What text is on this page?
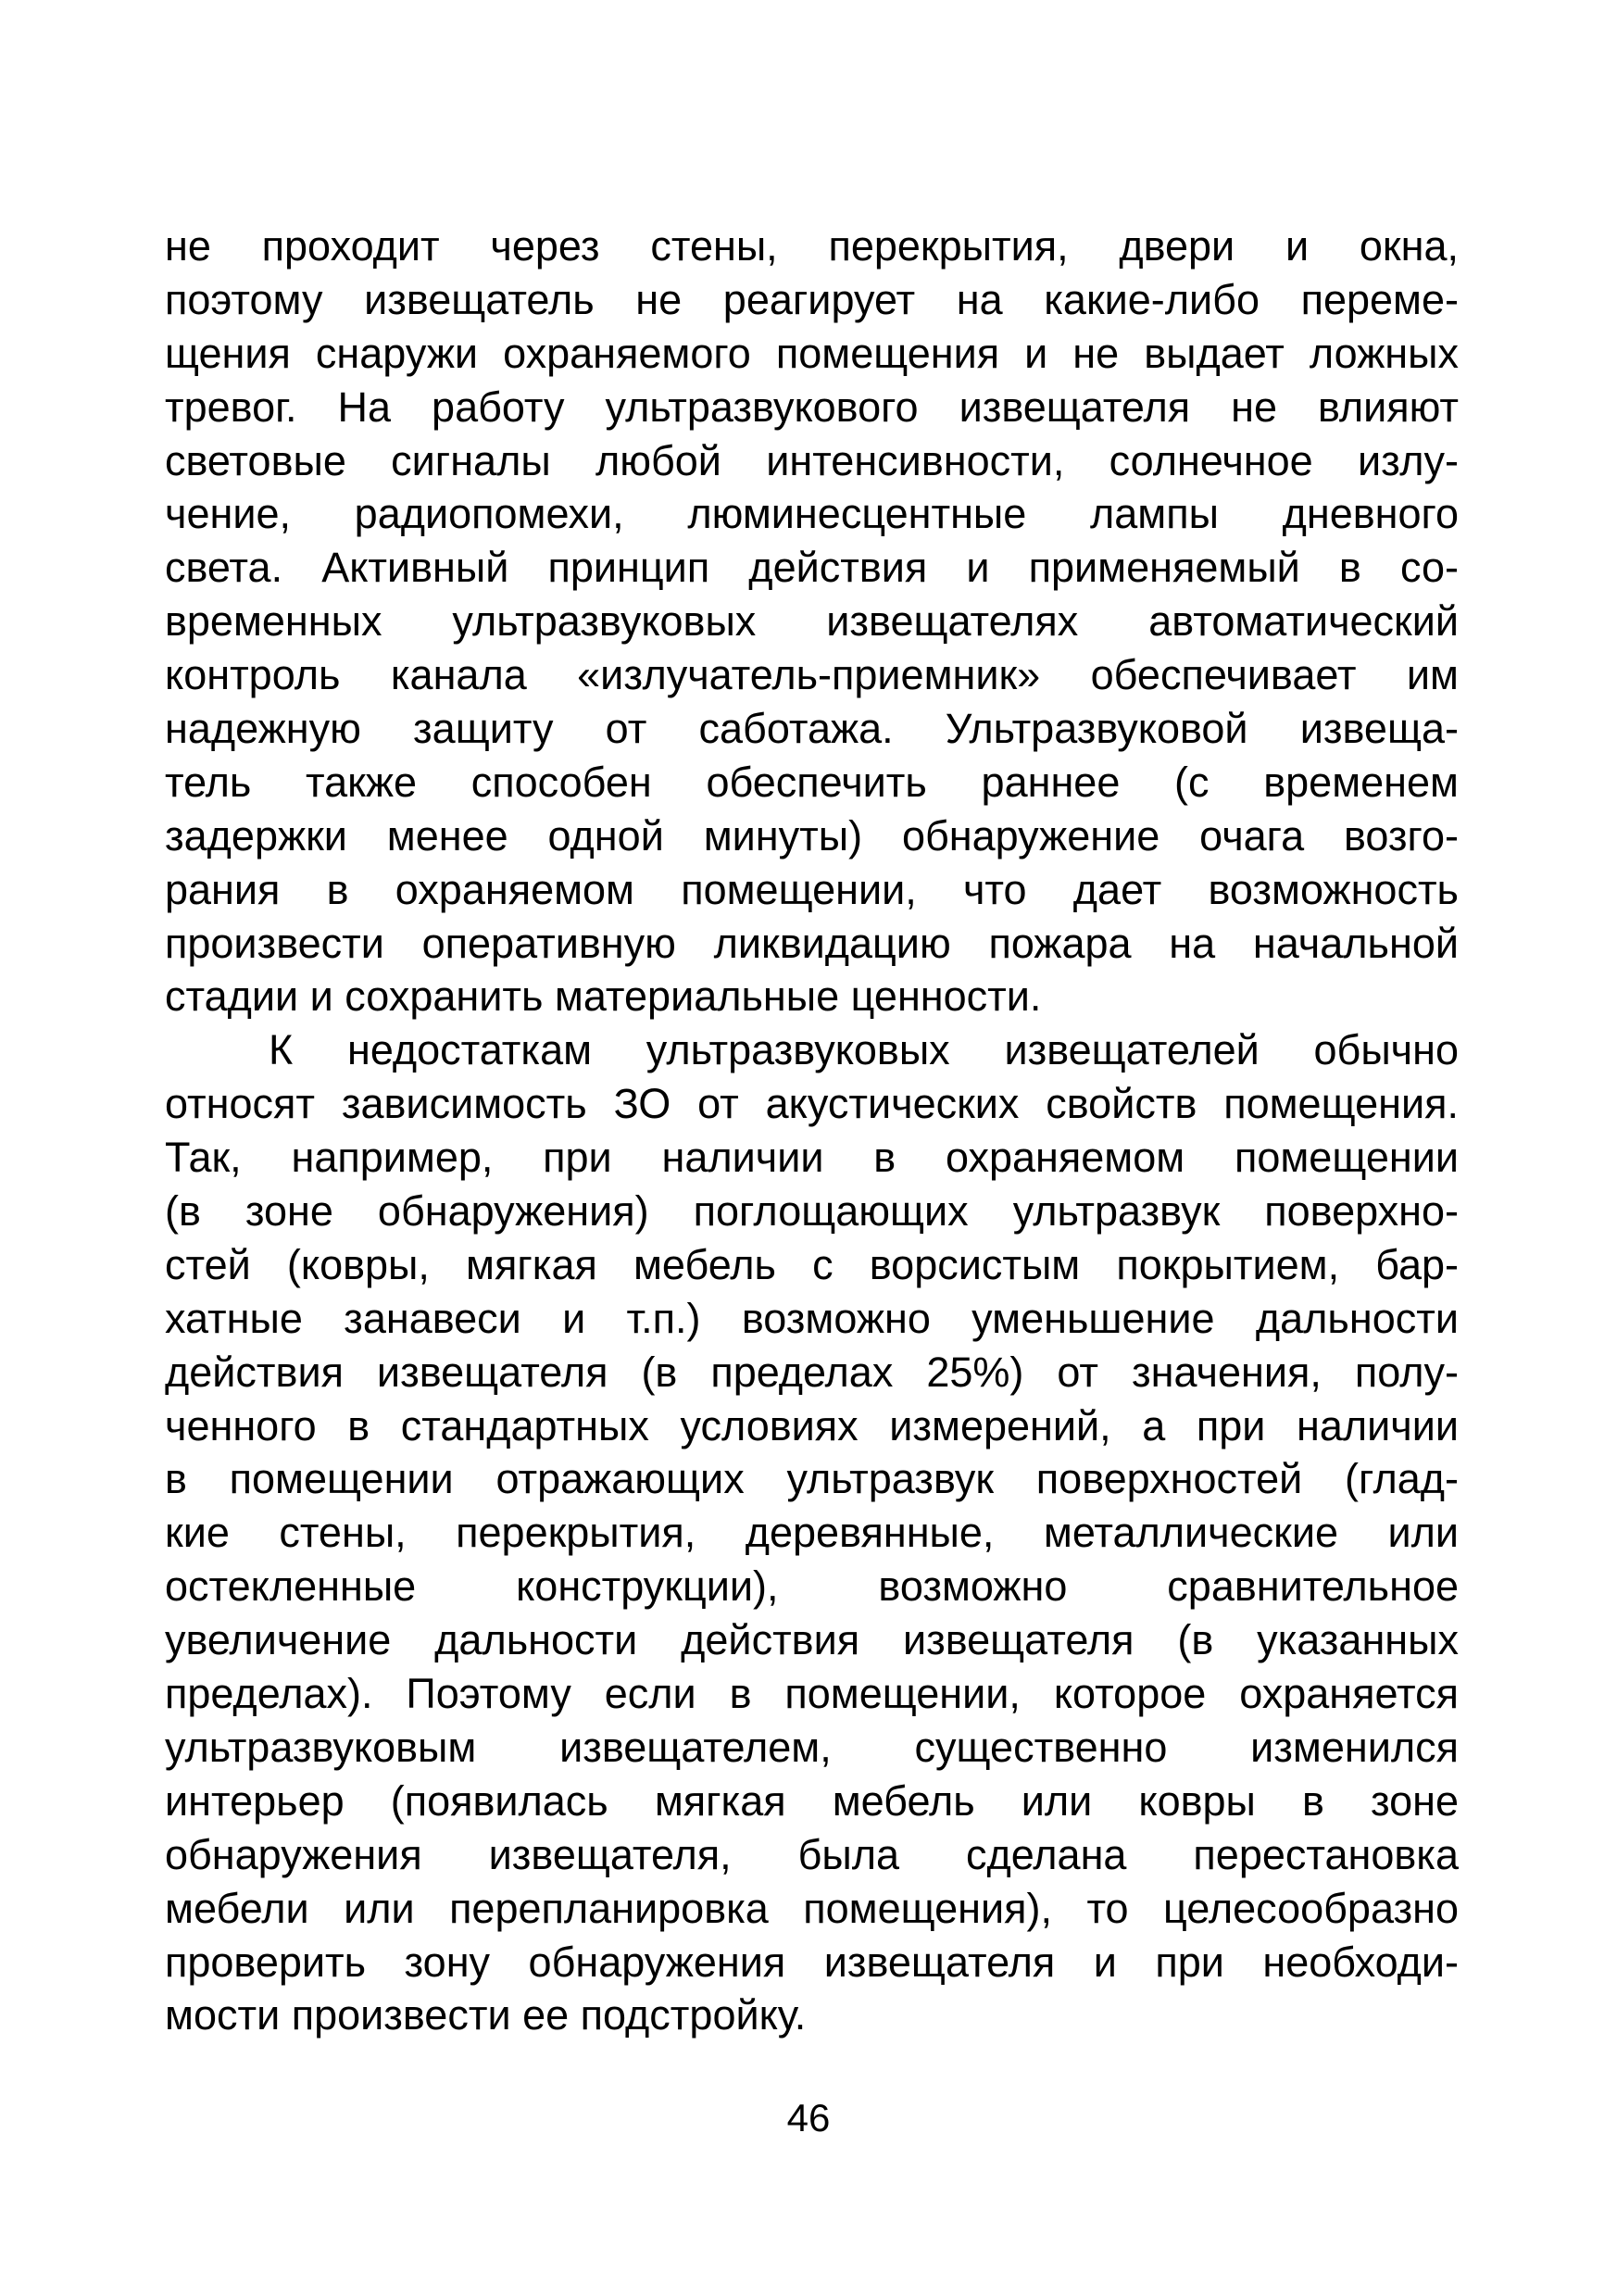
не проходит через стены, перекрытия, двери и окна,
поэтому извещатель не реагирует на какие-либо переме-
щения снаружи охраняемого помещения и не выдает ложных
тревог. На работу ультразвукового извещателя не влияют
световые сигналы любой интенсивности, солнечное излу-
чение, радиопомехи, люминесцентные лампы дневного
света. Активный принцип действия и применяемый в со-
временных ультразвуковых извещателях автоматический
контроль канала «излучатель-приемник» обеспечивает им
надежную защиту от саботажа. Ультразвуковой извеща-
тель также способен обеспечить раннее (с временем
задержки менее одной минуты) обнаружение очага возго-
рания в охраняемом помещении, что дает возможность
произвести оперативную ликвидацию пожара на начальной
стадии и сохранить материальные ценности.
К недостаткам ультразвуковых извещателей обычно
относят зависимость ЗО от акустических свойств помещения.
Так, например, при наличии в охраняемом помещении
(в зоне обнаружения) поглощающих ультразвук поверхно-
стей (ковры, мягкая мебель с ворсистым покрытием, бар-
хатные занавеси и т.п.) возможно уменьшение дальности
действия извещателя (в пределах 25%) от значения, полу-
ченного в стандартных условиях измерений, а при наличии
в помещении отражающих ультразвук поверхностей (глад-
кие стены, перекрытия, деревянные, металлические или
остекленные конструкции), возможно сравнительное
увеличение дальности действия извещателя (в указанных
пределах). Поэтому если в помещении, которое охраняется
ультразвуковым извещателем, существенно изменился
интерьер (появилась мягкая мебель или ковры в зоне
обнаружения извещателя, была сделана перестановка
мебели или перепланировка помещения), то целесообразно
проверить зону обнаружения извещателя и при необходи-
мости произвести ее подстройку.
46
